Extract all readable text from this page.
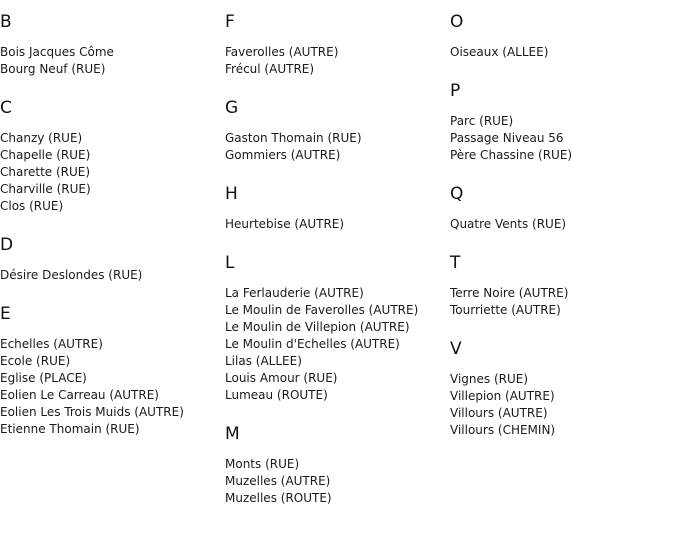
B
Bois Jacques Côme
Bourg Neuf (RUE)
C
Chanzy (RUE)
Chapelle (RUE)
Charette (RUE)
Charville (RUE)
Clos (RUE)
D
Désire Deslondes (RUE)
E
Echelles (AUTRE)
Ecole (RUE)
Eglise (PLACE)
Eolien Le Carreau (AUTRE)
Eolien Les Trois Muids (AUTRE)
Etienne Thomain (RUE)
F
Faverolles (AUTRE)
Frécul (AUTRE)
G
Gaston Thomain (RUE)
Gommiers (AUTRE)
H
Heurtebise (AUTRE)
L
La Ferlauderie (AUTRE)
Le Moulin de Faverolles (AUTRE)
Le Moulin de Villepion (AUTRE)
Le Moulin d'Echelles (AUTRE)
Lilas (ALLEE)
Louis Amour (RUE)
Lumeau (ROUTE)
M
Monts (RUE)
Muzelles (AUTRE)
Muzelles (ROUTE)
O
Oiseaux (ALLEE)
P
Parc (RUE)
Passage Niveau 56
Père Chassine (RUE)
Q
Quatre Vents (RUE)
T
Terre Noire (AUTRE)
Tourriette (AUTRE)
V
Vignes (RUE)
Villepion (AUTRE)
Villours (AUTRE)
Villours (CHEMIN)
